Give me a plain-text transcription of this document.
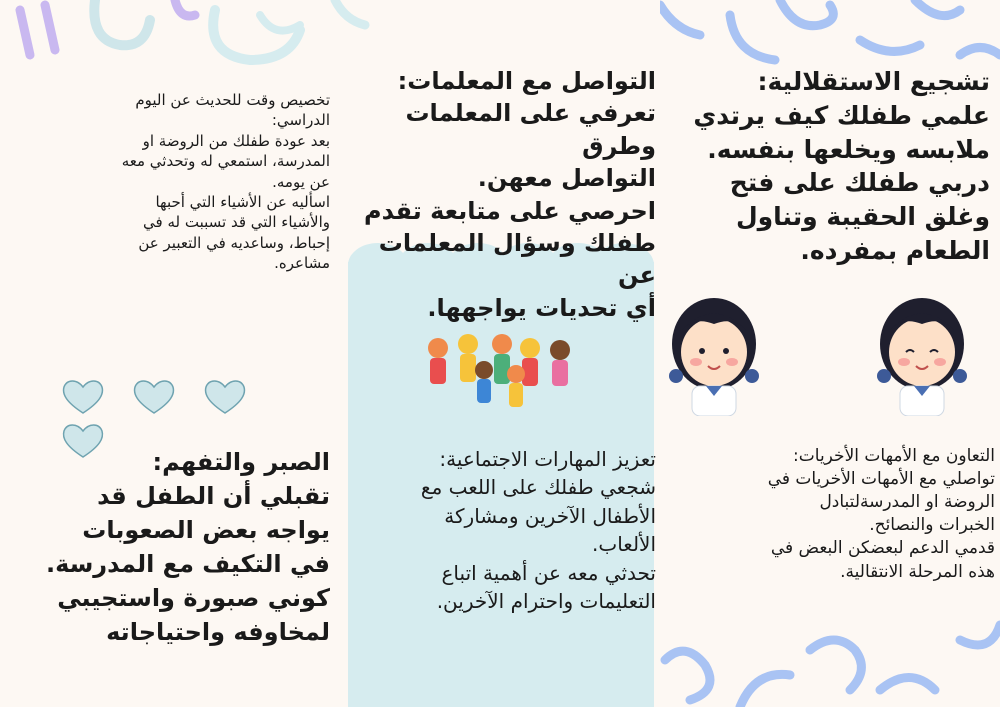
تشجيع الاستقلالية:
علمي طفلك كيف يرتدي
ملابسه ويخلعها بنفسه.
دربي طفلك على فتح
وغلق الحقيبة وتناول
الطعام بمفرده.
التعاون مع الأمهات الأخريات:
تواصلي مع الأمهات الأخريات في
الروضة او المدرسةلتبادل
الخبرات والنصائح.
قدمي الدعم لبعضكن البعض في
هذه المرحلة الانتقالية.
التواصل مع المعلمات:
تعرفي على المعلمات وطرق
التواصل معهن.
احرصي على متابعة تقدم
طفلك وسؤال المعلمات عن
أي تحديات يواجهها.
تعزيز المهارات الاجتماعية:
شجعي طفلك على اللعب مع
الأطفال الآخرين ومشاركة
الألعاب.
تحدثي معه عن أهمية اتباع
التعليمات واحترام الآخرين.
تخصيص وقت للحديث عن اليوم
الدراسي:
بعد عودة طفلك من الروضة او
المدرسة، استمعي له وتحدثي معه
عن يومه.
اسأليه عن الأشياء التي أحبها
والأشياء التي قد تسببت له في
إحباط، وساعديه في التعبير عن
مشاعره.

الصبر والتفهم:
تقبلي أن الطفل قد
يواجه بعض الصعوبات
في التكيف مع المدرسة.
كوني صبورة واستجيبي
لمخاوفه واحتياجاته
